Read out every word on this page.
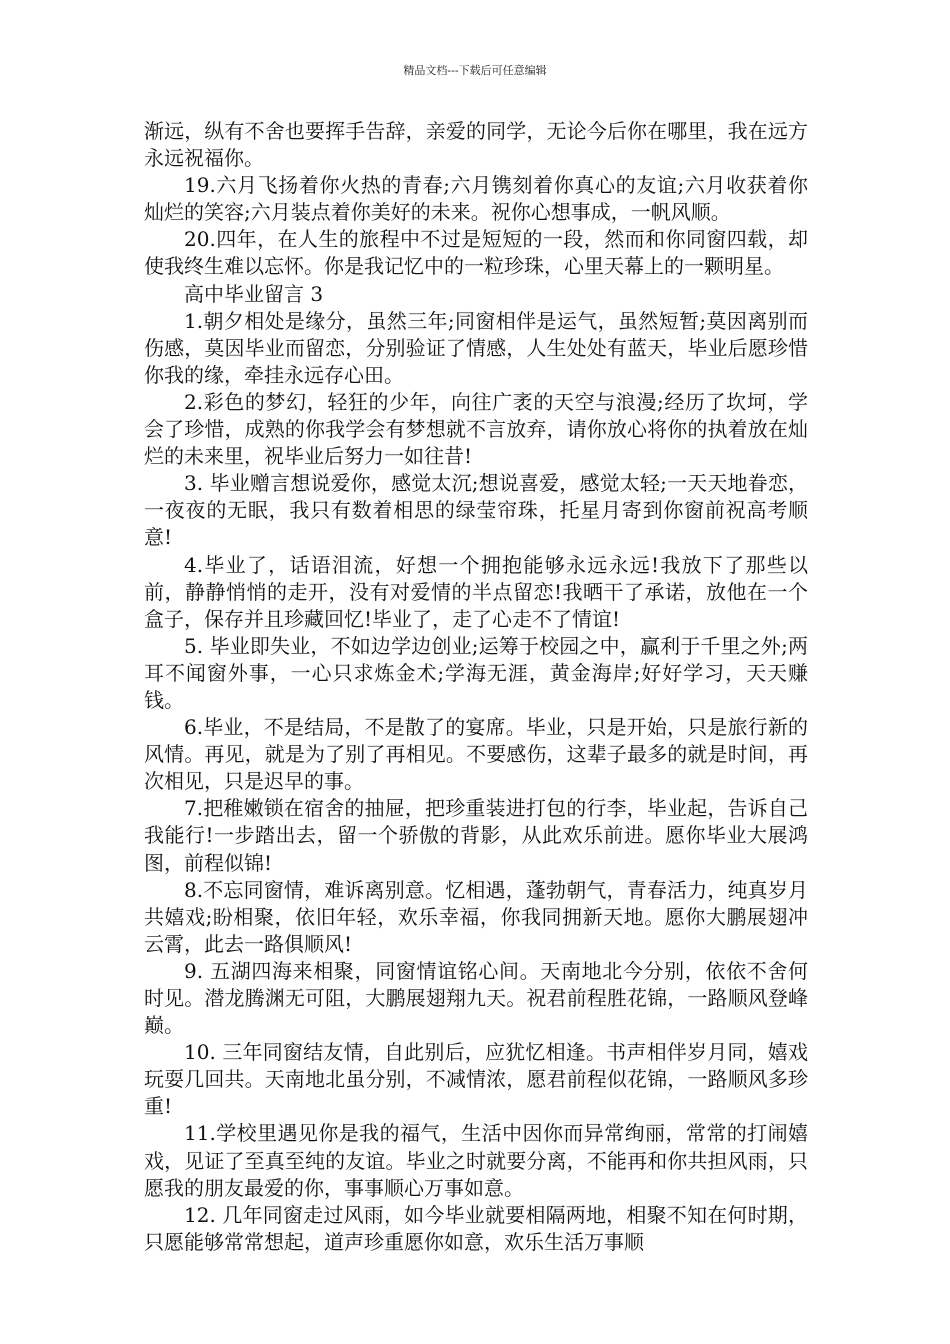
精品文档---下载后可任意编辑

渐远，纵有不舍也要挥手告辞，亲爱的同学，无论今后你在哪里，我在远方永远祝福你。

19.六月飞扬着你火热的青春;六月镌刻着你真心的友谊;六月收获着你灿烂的笑容;六月装点着你美好的未来。祝你心想事成，一帆风顺。

20.四年，在人生的旅程中不过是短短的一段，然而和你同窗四载，却使我终生难以忘怀。你是我记忆中的一粒珍珠，心里天幕上的一颗明星。

高中毕业留言 3

1.朝夕相处是缘分，虽然三年;同窗相伴是运气，虽然短暂;莫因离别而伤感，莫因毕业而留恋，分别验证了情感，人生处处有蓝天，毕业后愿珍惜你我的缘，牵挂永远存心田。

2.彩色的梦幻，轻狂的少年，向往广袤的天空与浪漫;经历了坎坷，学会了珍惜，成熟的你我学会有梦想就不言放弃，请你放心将你的执着放在灿烂的未来里，祝毕业后努力一如往昔!

3. 毕业赠言想说爱你，感觉太沉;想说喜爱，感觉太轻;一天天地眷恋，一夜夜的无眠，我只有数着相思的绿莹帘珠，托星月寄到你窗前祝高考顺意!

4.毕业了，话语泪流，好想一个拥抱能够永远永远!我放下了那些以前，静静悄悄的走开，没有对爱情的半点留恋!我晒干了承诺，放他在一个盒子，保存并且珍藏回忆!毕业了，走了心走不了情谊!

5. 毕业即失业，不如边学边创业;运筹于校园之中，赢利于千里之外;两耳不闻窗外事，一心只求炼金术;学海无涯，黄金海岸;好好学习，天天赚钱。

6.毕业，不是结局，不是散了的宴席。毕业，只是开始，只是旅行新的风情。再见，就是为了别了再相见。不要感伤，这辈子最多的就是时间，再次相见，只是迟早的事。

7.把稚嫩锁在宿舍的抽屉，把珍重装进打包的行李，毕业起，告诉自己我能行!一步踏出去，留一个骄傲的背影，从此欢乐前进。愿你毕业大展鸿图，前程似锦!

8.不忘同窗情，难诉离别意。忆相遇，蓬勃朝气，青春活力，纯真岁月共嬉戏;盼相聚，依旧年轻，欢乐幸福，你我同拥新天地。愿你大鹏展翅冲云霄，此去一路俱顺风!

9. 五湖四海来相聚，同窗情谊铭心间。天南地北今分别，依依不舍何时见。潜龙腾渊无可阻，大鹏展翅翔九天。祝君前程胜花锦，一路顺风登峰巅。

10. 三年同窗结友情，自此别后，应犹忆相逢。书声相伴岁月同，嬉戏玩耍几回共。天南地北虽分别，不减情浓，愿君前程似花锦，一路顺风多珍重!

11.学校里遇见你是我的福气，生活中因你而异常绚丽，常常的打闹嬉戏，见证了至真至纯的友谊。毕业之时就要分离，不能再和你共担风雨，只愿我的朋友最爱的你，事事顺心万事如意。

12. 几年同窗走过风雨，如今毕业就要相隔两地，相聚不知在何时期，只愿能够常常想起，道声珍重愿你如意，欢乐生活万事顺
